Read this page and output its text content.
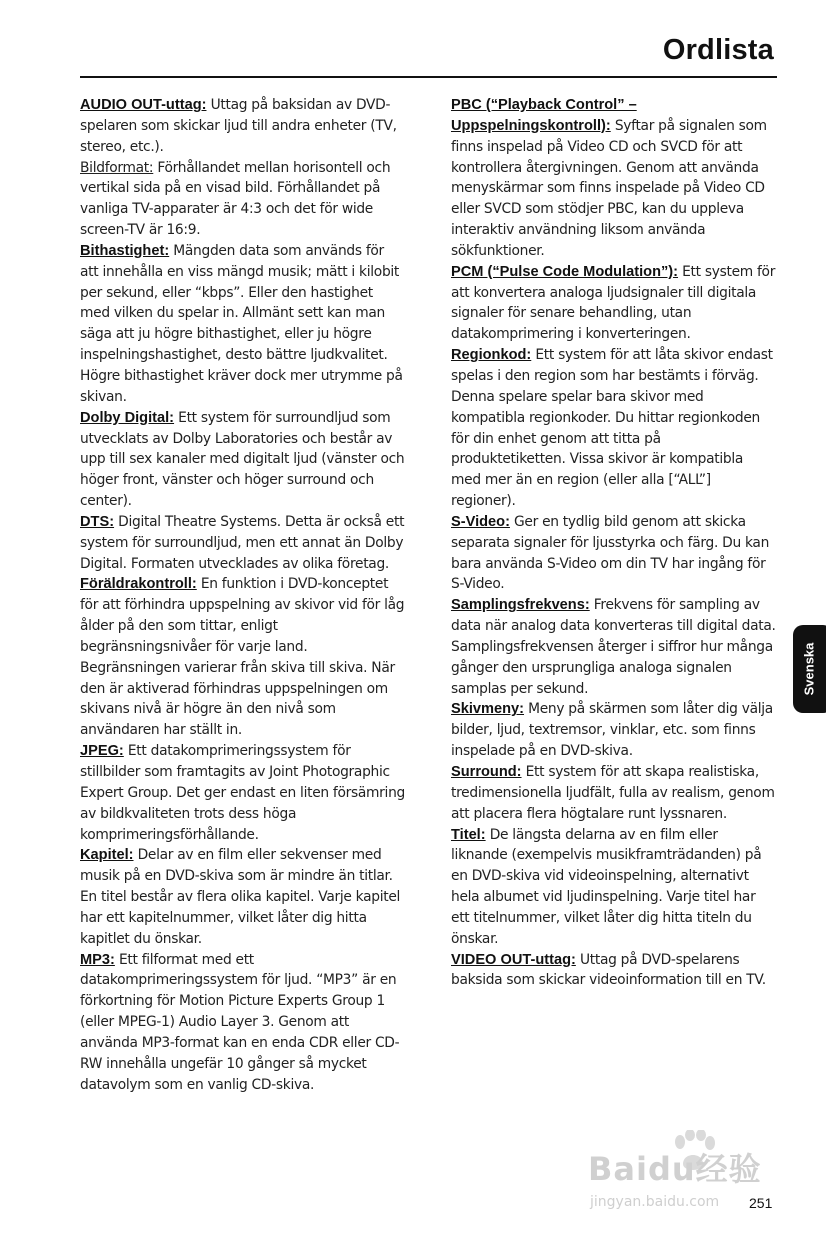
Ordlista

AUDIO OUT-uttag: Uttag på baksidan av DVD-spelaren som skickar ljud till andra enheter (TV, stereo, etc.).

Bildformat: Förhållandet mellan horisontell och vertikal sida på en visad bild. Förhållandet på vanliga TV-apparater är 4:3 och det för wide screen-TV är 16:9.

Bithastighet: Mängden data som används för att innehålla en viss mängd musik; mätt i kilobit per sekund, eller “kbps”. Eller den hastighet med vilken du spelar in. Allmänt sett kan man säga att ju högre bithastighet, eller ju högre inspelningshastighet, desto bättre ljudkvalitet. Högre bithastighet kräver dock mer utrymme på skivan.

Dolby Digital: Ett system för surroundljud som utvecklats av Dolby Laboratories och består av upp till sex kanaler med digitalt ljud (vänster och höger front, vänster och höger surround och center).

DTS: Digital Theatre Systems. Detta är också ett system för surroundljud, men ett annat än Dolby Digital. Formaten utvecklades av olika företag.

Föräldrakontroll: En funktion i DVD-konceptet för att förhindra uppspelning av skivor vid för låg ålder på den som tittar, enligt begränsningsnivåer för varje land. Begränsningen varierar från skiva till skiva. När den är aktiverad förhindras uppspelningen om skivans nivå är högre än den nivå som användaren har ställt in.

JPEG: Ett datakomprimeringssystem för stillbilder som framtagits av Joint Photographic Expert Group. Det ger endast en liten försämring av bildkvaliteten trots dess höga komprimeringsförhållande.

Kapitel: Delar av en film eller sekvenser med musik på en DVD-skiva som är mindre än titlar. En titel består av flera olika kapitel. Varje kapitel har ett kapitelnummer, vilket låter dig hitta kapitlet du önskar.

MP3: Ett filformat med ett datakomprimeringssystem för ljud. “MP3” är en förkortning för Motion Picture Experts Group 1 (eller MPEG-1) Audio Layer 3. Genom att använda MP3-format kan en enda CDR eller CD-RW innehålla ungefär 10 gånger så mycket datavolym som en vanlig CD-skiva.

PBC (“Playback Control” – Uppspelningskontroll): Syftar på signalen som finns inspelad på Video CD och SVCD för att kontrollera återgivningen. Genom att använda menyskärmar som finns inspelade på Video CD eller SVCD som stödjer PBC, kan du uppleva interaktiv användning liksom använda sökfunktioner.

PCM (“Pulse Code Modulation”): Ett system för att konvertera analoga ljudsignaler till digitala signaler för senare behandling, utan datakomprimering i konverteringen.

Regionkod: Ett system för att låta skivor endast spelas i den region som har bestämts i förväg. Denna spelare spelar bara skivor med kompatibla regionkoder. Du hittar regionkoden för din enhet genom att titta på produktetiketten. Vissa skivor är kompatibla med mer än en region (eller alla [“ALL”] regioner).

S-Video: Ger en tydlig bild genom att skicka separata signaler för ljusstyrka och färg. Du kan bara använda S-Video om din TV har ingång för S-Video.

Samplingsfrekvens: Frekvens för sampling av data när analog data konverteras till digital data. Samplingsfrekvensen återger i siffror hur många gånger den ursprungliga analoga signalen samplas per sekund.

Skivmeny: Meny på skärmen som låter dig välja bilder, ljud, textremsor, vinklar, etc. som finns inspelade på en DVD-skiva.

Surround: Ett system för att skapa realistiska, tredimensionella ljudfält, fulla av realism, genom att placera flera högtalare runt lyssnaren.

Titel: De längsta delarna av en film eller liknande (exempelvis musikframträdanden) på en DVD-skiva vid videoinspelning, alternativt hela albumet vid ljudinspelning. Varje titel har ett titelnummer, vilket låter dig hitta titeln du önskar.

VIDEO OUT-uttag: Uttag på DVD-spelarens baksida som skickar videoinformation till en TV.

Svenska
Baidu经验
jingyan.baidu.com 251
